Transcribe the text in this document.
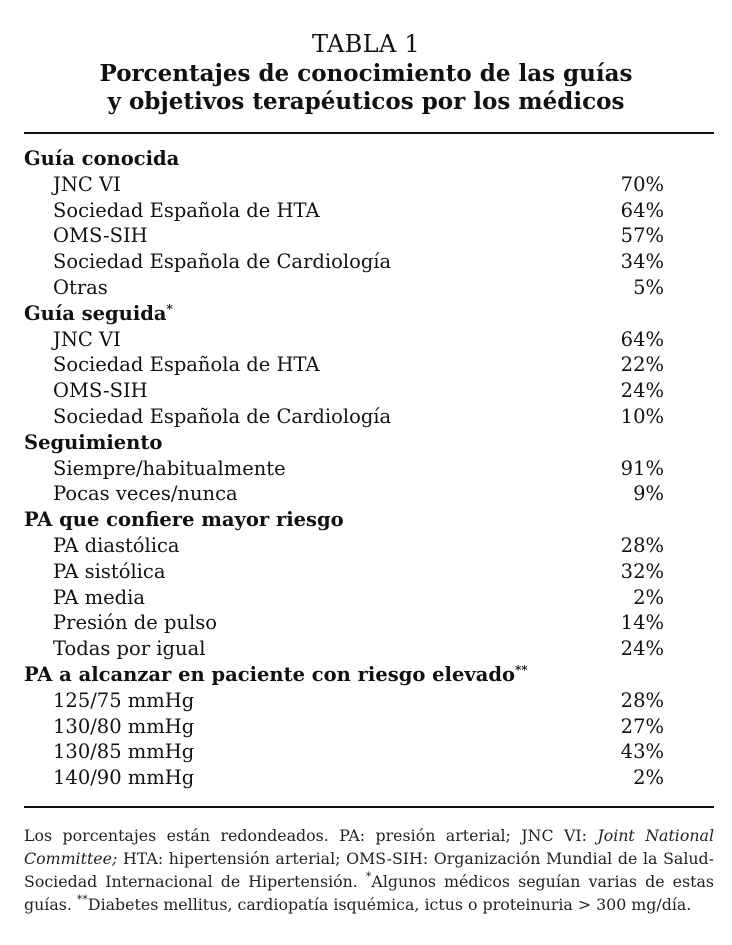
TABLA 1
Porcentajes de conocimiento de las guías
y objetivos terapéuticos por los médicos
Guía conocida
JNC VI	70%
Sociedad Española de HTA	64%
OMS-SIH	57%
Sociedad Española de Cardiología	34%
Otras	5%
Guía seguida*
JNC VI	64%
Sociedad Española de HTA	22%
OMS-SIH	24%
Sociedad Española de Cardiología	10%
Seguimiento
Siempre/habitualmente	91%
Pocas veces/nunca	9%
PA que confiere mayor riesgo
PA diastólica	28%
PA sistólica	32%
PA media	2%
Presión de pulso	14%
Todas por igual	24%
PA a alcanzar en paciente con riesgo elevado**
125/75 mmHg	28%
130/80 mmHg	27%
130/85 mmHg	43%
140/90 mmHg	2%
Los porcentajes están redondeados. PA: presión arterial; JNC VI: Joint National Committee; HTA: hipertensión arterial; OMS-SIH: Organización Mundial de la Salud-Sociedad Internacional de Hipertensión. *Algunos médicos seguían varias de estas guías. **Diabetes mellitus, cardiopatía isquémica, ictus o proteinuria > 300 mg/día.
